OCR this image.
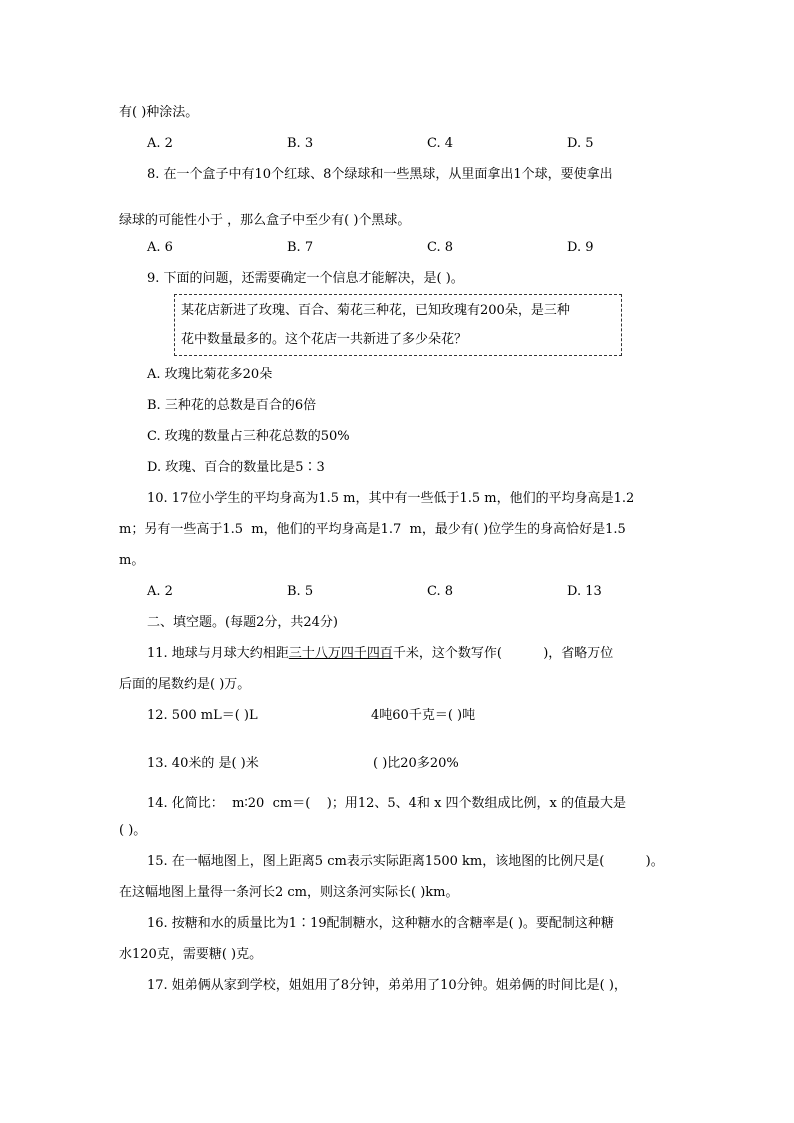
有( )种涂法。
A. 2	B. 3	C. 4	D. 5
8. 在一个盒子中有10个红球、8个绿球和一些黑球，从里面拿出1个球，要使拿出
绿球的可能性小于 ，那么盒子中至少有( )个黑球。
A. 6	B. 7	C. 8	D. 9
9. 下面的问题，还需要确定一个信息才能解决，是( )。
某花店新进了玫瑰、百合、菊花三种花，已知玫瑰有200朵，是三种
花中数量最多的。这个花店一共新进了多少朵花？
A. 玫瑰比菊花多20朵
B. 三种花的总数是百合的6倍
C. 玫瑰的数量占三种花总数的50%
D. 玫瑰、百合的数量比是5∶3
10. 17位小学生的平均身高为1.5 m，其中有一些低于1.5 m，他们的平均身高是1.2
m；另有一些高于1.5  m，他们的平均身高是1.7  m，最少有( )位学生的身高恰好是1.5
m。
A. 2	B. 5	C. 8	D. 13
二、填空题。(每题2分，共24分)
11. 地球与月球大约相距三十八万四千四百千米，这个数写作(          )，省略万位
后面的尾数约是( )万。
12. 500 mL＝( )L	4吨60千克＝( )吨
13. 40米的 是( )米	( )比20多20%
14. 化简比：  m∶20  cm＝(    )；用12、5、4和 x 四个数组成比例，x 的值最大是
( )。
15. 在一幅地图上，图上距离5 cm表示实际距离1500 km，该地图的比例尺是(          )。
在这幅地图上量得一条河长2 cm，则这条河实际长( )km。
16. 按糖和水的质量比为1∶19配制糖水，这种糖水的含糖率是( )。要配制这种糖
水120克，需要糖( )克。
17. 姐弟俩从家到学校，姐姐用了8分钟，弟弟用了10分钟。姐弟俩的时间比是( )，
